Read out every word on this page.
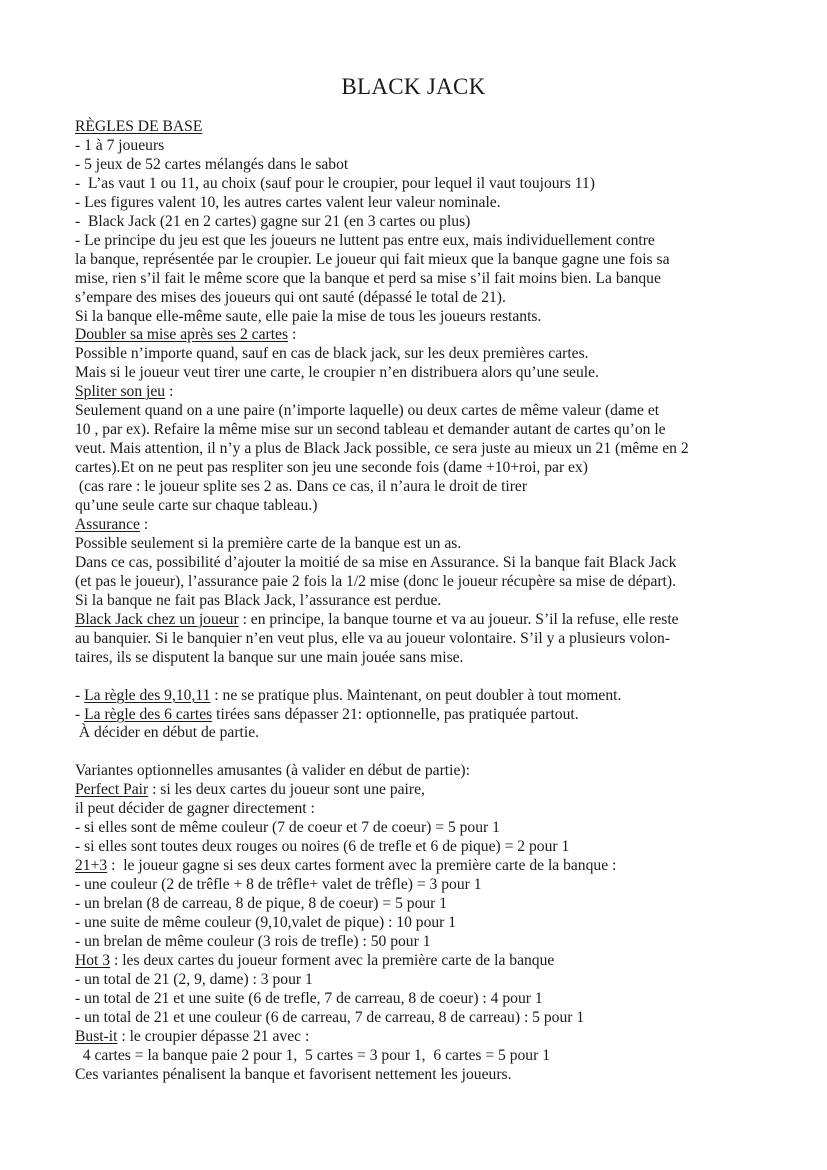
BLACK JACK
RÈGLES DE BASE
- 1 à 7 joueurs
- 5 jeux de 52 cartes mélangés dans le sabot
-  L’as vaut 1 ou 11, au choix (sauf pour le croupier, pour lequel il vaut toujours 11)
- Les figures valent 10, les autres cartes valent leur valeur nominale.
-  Black Jack (21 en 2 cartes) gagne sur 21 (en 3 cartes ou plus)
- Le principe du jeu est que les joueurs ne luttent pas entre eux, mais individuellement contre
la banque, représentée par le croupier. Le joueur qui fait mieux que la banque gagne une fois sa
mise, rien s’il fait le même score que la banque et perd sa mise s’il fait moins bien. La banque
s’empare des mises des joueurs qui ont sauté (dépassé le total de 21).
Si la banque elle-même saute, elle paie la mise de tous les joueurs restants.
Doubler sa mise après ses 2 cartes :
Possible n’importe quand, sauf en cas de black jack, sur les deux premières cartes.
Mais si le joueur veut tirer une carte, le croupier n’en distribuera alors qu’une seule.
Spliter son jeu :
Seulement quand on a une paire (n’importe laquelle) ou deux cartes de même valeur (dame et
10 , par ex). Refaire la même mise sur un second tableau et demander autant de cartes qu’on le
veut. Mais attention, il n’y a plus de Black Jack possible, ce sera juste au mieux un 21 (même en 2
cartes).Et on ne peut pas respliter son jeu une seconde fois (dame +10+roi, par ex)
(cas rare : le joueur splite ses 2 as. Dans ce cas, il n’aura le droit de tirer
qu’une seule carte sur chaque tableau.)
Assurance :
Possible seulement si la première carte de la banque est un as.
Dans ce cas, possibilité d’ajouter la moitié de sa mise en Assurance. Si la banque fait Black Jack
(et pas le joueur), l’assurance paie 2 fois la 1/2 mise (donc le joueur récupère sa mise de départ).
Si la banque ne fait pas Black Jack, l’assurance est perdue.
Black Jack chez un joueur : en principe, la banque tourne et va au joueur. S’il la refuse, elle reste
au banquier. Si le banquier n’en veut plus, elle va au joueur volontaire. S’il y a plusieurs volon-
taires, ils se disputent la banque sur une main jouée sans mise.
- La règle des 9,10,11 : ne se pratique plus. Maintenant, on peut doubler à tout moment.
- La règle des 6 cartes tirées sans dépasser 21: optionnelle, pas pratiquée partout.
À décider en début de partie.
Variantes optionnelles amusantes (à valider en début de partie):
Perfect Pair : si les deux cartes du joueur sont une paire,
il peut décider de gagner directement :
- si elles sont de même couleur (7 de coeur et 7 de coeur) = 5 pour 1
- si elles sont toutes deux rouges ou noires (6 de trefle et 6 de pique) = 2 pour 1
21+3 :  le joueur gagne si ses deux cartes forment avec la première carte de la banque :
- une couleur (2 de trêfle + 8 de trêfle+ valet de trêfle) = 3 pour 1
- un brelan (8 de carreau, 8 de pique, 8 de coeur) = 5 pour 1
- une suite de même couleur (9,10,valet de pique) : 10 pour 1
- un brelan de même couleur (3 rois de trefle) : 50 pour 1
Hot 3 : les deux cartes du joueur forment avec la première carte de la banque
- un total de 21 (2, 9, dame) : 3 pour 1
- un total de 21 et une suite (6 de trefle, 7 de carreau, 8 de coeur) : 4 pour 1
- un total de 21 et une couleur (6 de carreau, 7 de carreau, 8 de carreau) : 5 pour 1
Bust-it : le croupier dépasse 21 avec :
4 cartes = la banque paie 2 pour 1,  5 cartes = 3 pour 1,  6 cartes = 5 pour 1
Ces variantes pénalisent la banque et favorisent nettement les joueurs.
